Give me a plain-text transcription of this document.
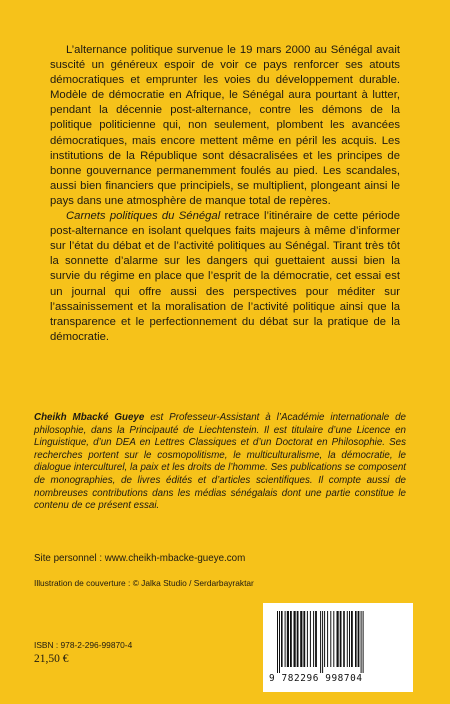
L’alternance politique survenue le 19 mars 2000 au Sénégal avait suscité un généreux espoir de voir ce pays renforcer ses atouts démocratiques et emprunter les voies du développement durable. Modèle de démocratie en Afrique, le Sénégal aura pourtant à lutter, pendant la décennie post-alternance, contre les démons de la politique politicienne qui, non seulement, plombent les avancées démocratiques, mais encore mettent même en péril les acquis. Les institutions de la République sont désacralisées et les principes de bonne gouvernance permanemment foulés au pied. Les scandales, aussi bien financiers que principiels, se multiplient, plongeant ainsi le pays dans une atmosphère de manque total de repères.

Carnets politiques du Sénégal retrace l’itinéraire de cette période post-alternance en isolant quelques faits majeurs à même d’informer sur l’état du débat et de l’activité politiques au Sénégal. Tirant très tôt la sonnette d’alarme sur les dangers qui guettaient aussi bien la survie du régime en place que l’esprit de la démocratie, cet essai est un journal qui offre aussi des perspectives pour méditer sur l’assainissement et la moralisation de l’activité politique ainsi que la transparence et le perfectionnement du débat sur la pratique de la démocratie.

Cheikh Mbacké Gueye est Professeur-Assistant à l’Académie internationale de philosophie, dans la Principauté de Liechtenstein. Il est titulaire d’une Licence en Linguistique, d’un DEA en Lettres Classiques et d’un Doctorat en Philosophie. Ses recherches portent sur le cosmopolitisme, le multiculturalisme, la démocratie, le dialogue interculturel, la paix et les droits de l’homme. Ses publications se composent de monographies, de livres édités et d’articles scientifiques. Il compte aussi de nombreuses contributions dans les médias sénégalais dont une partie constitue le contenu de ce présent essai.

Site personnel : www.cheikh-mbacke-gueye.com
Illustration de couverture : © Jalka Studio / Serdarbayraktar
ISBN : 978-2-296-99870-4
21,50 €
9 782296 998704
